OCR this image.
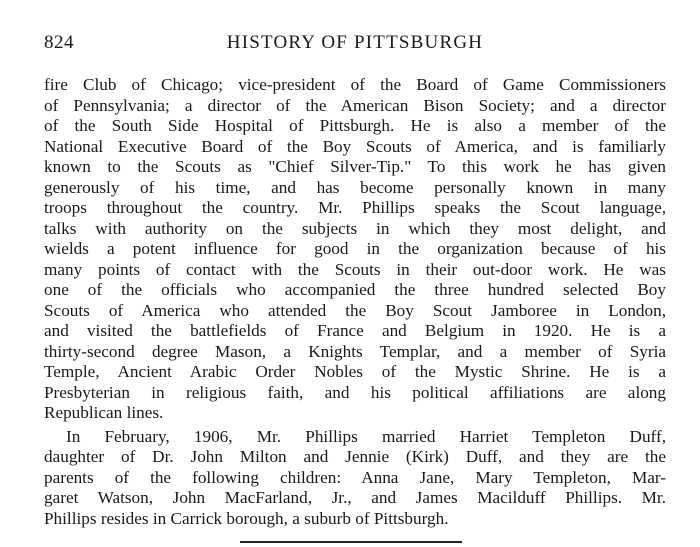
824	HISTORY OF PITTSBURGH
fire Club of Chicago; vice-president of the Board of Game Commissioners
of Pennsylvania; a director of the American Bison Society; and a director
of the South Side Hospital of Pittsburgh. He is also a member of the
National Executive Board of the Boy Scouts of America, and is familiarly
known to the Scouts as "Chief Silver-Tip." To this work he has given
generously of his time, and has become personally known in many
troops throughout the country. Mr. Phillips speaks the Scout language,
talks with authority on the subjects in which they most delight, and
wields a potent influence for good in the organization because of his
many points of contact with the Scouts in their out-door work. He was
one of the officials who accompanied the three hundred selected Boy
Scouts of America who attended the Boy Scout Jamboree in London,
and visited the battlefields of France and Belgium in 1920. He is a
thirty-second degree Mason, a Knights Templar, and a member of Syria
Temple, Ancient Arabic Order Nobles of the Mystic Shrine. He is a
Presbyterian in religious faith, and his political affiliations are along
Republican lines.
In February, 1906, Mr. Phillips married Harriet Templeton Duff,
daughter of Dr. John Milton and Jennie (Kirk) Duff, and they are the
parents of the following children: Anna Jane, Mary Templeton, Mar-
garet Watson, John MacFarland, Jr., and James Macilduff Phillips. Mr.
Phillips resides in Carrick borough, a suburb of Pittsburgh.
